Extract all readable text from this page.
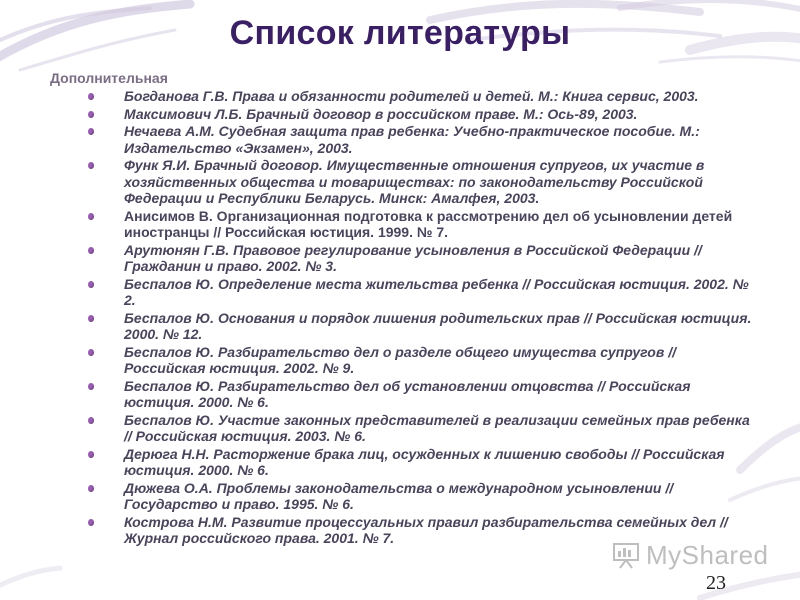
Список литературы
Дополнительная
Богданова Г.В. Права и обязанности родителей и детей. М.: Книга сервис, 2003.
Максимович Л.Б. Брачный договор в российском праве. М.: Ось-89, 2003.
Нечаева А.М. Судебная защита прав ребенка: Учебно-практическое пособие. М.: Издательство «Экзамен», 2003.
Функ Я.И. Брачный договор. Имущественные отношения супругов, их участие в хозяйственных общества и товариществах: по законодательству Российской Федерации и Республики Беларусь. Минск: Амалфея, 2003.
Анисимов В. Организационная подготовка к рассмотрению дел об усыновлении детей иностранцы // Российская юстиция. 1999. № 7.
Арутюнян Г.В. Правовое регулирование усыновления в Российской Федерации // Гражданин и право. 2002. № 3.
Беспалов Ю. Определение места жительства ребенка // Российская юстиция. 2002. № 2.
Беспалов Ю. Основания и порядок лишения родительских прав // Российская юстиция. 2000. № 12.
Беспалов Ю. Разбирательство дел о разделе общего имущества супругов // Российская юстиция. 2002. № 9.
Беспалов Ю. Разбирательство дел об установлении отцовства // Российская юстиция. 2000. № 6.
Беспалов Ю. Участие законных представителей в реализации семейных прав ребенка // Российская юстиция. 2003. № 6.
Дерюга Н.Н. Расторжение брака лиц, осужденных к лишению свободы // Российская юстиция. 2000. № 6.
Дюжева О.А. Проблемы законодательства о международном усыновлении // Государство и право. 1995. № 6.
Кострова Н.М. Развитие процессуальных правил разбирательства семейных дел // Журнал российского права. 2001. № 7.
MyShared
23
